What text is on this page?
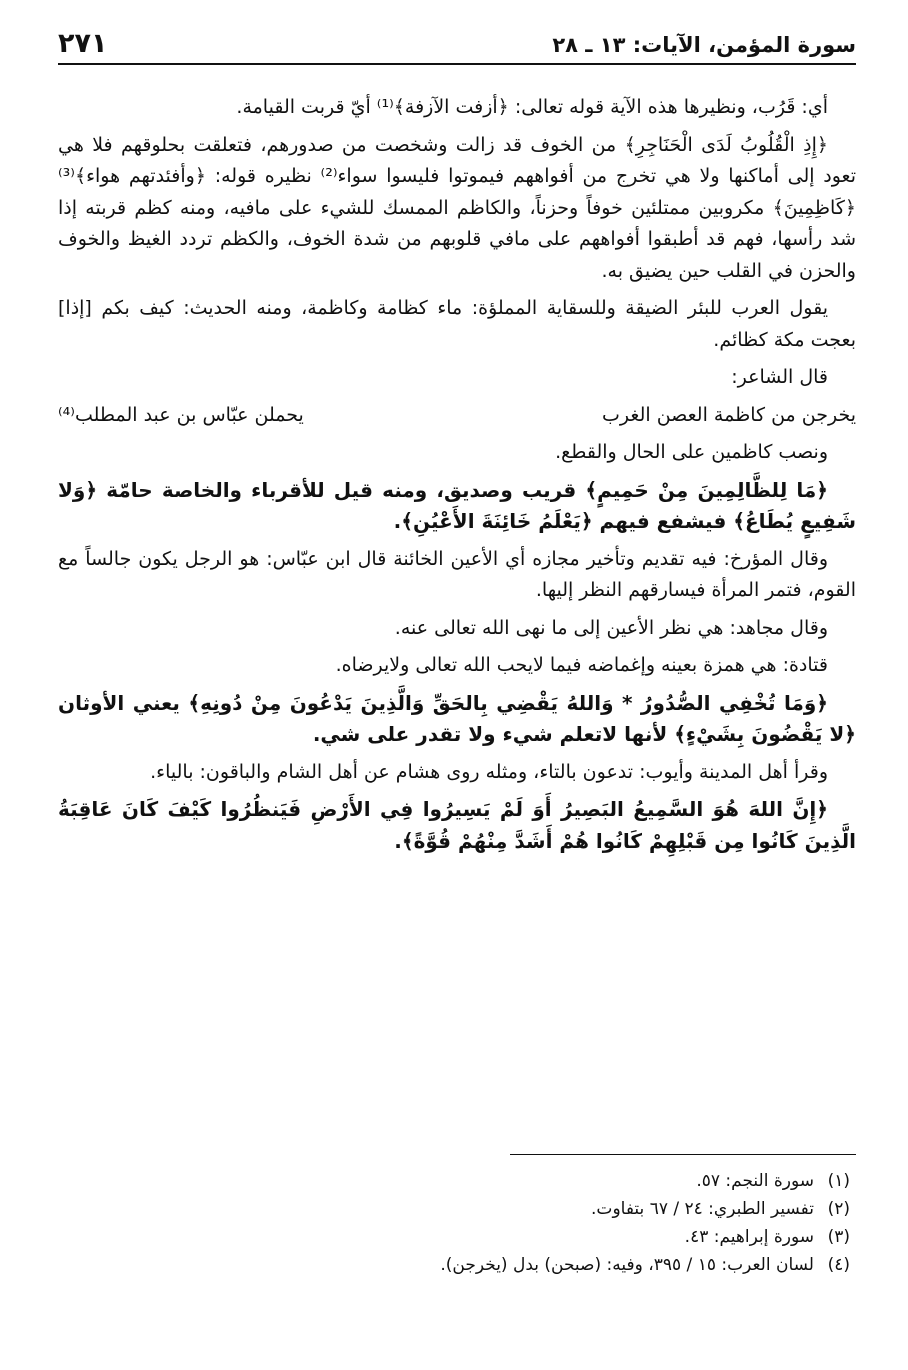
سورة المؤمن، الآيات: ١٣ ـ ٢٨
٢٧١

أي: قَرُب، ونظيرها هذه الآية قوله تعالى: ﴿أزفت الآزفة﴾⁽¹⁾ أيّ قربت القيامة.

﴿إِذِ الْقُلُوبُ لَدَى الْحَنَاجِرِ﴾ من الخوف قد زالت وشخصت من صدورهم، فتعلقت بحلوقهم فلا هي تعود إلى أماكنها ولا هي تخرج من أفواههم فيموتوا فليسوا سواء⁽²⁾ نظيره قوله: ﴿وأفئدتهم هواء﴾⁽³⁾ ﴿كَاظِمِينَ﴾ مكروبين ممتلئين خوفاً وحزناً، والكاظم الممسك للشيء على مافيه، ومنه كظم قربته إذا شد رأسها، فهم قد أطبقوا أفواههم على مافي قلوبهم من شدة الخوف، والكظم تردد الغيظ والخوف والحزن في القلب حين يضيق به.

يقول العرب للبئر الضيقة وللسقاية المملؤة: ماء كظامة وكاظمة، ومنه الحديث: كيف بكم [إذا] بعجت مكة كظائم.

قال الشاعر:

يخرجن من كاظمة العصن الغرب
يحملن عبّاس بن عبد المطلب⁽⁴⁾

ونصب كاظمين على الحال والقطع.

﴿مَا لِلظَّالِمِينَ مِنْ حَمِيمٍ﴾ قريب وصديق، ومنه قيل للأقرباء والخاصة حامّة ﴿وَلا شَفِيعٍ يُطَاعُ﴾ فيشفع فيهم ﴿يَعْلَمُ خَائِنَةَ الأَعْيُنِ﴾.

وقال المؤرخ: فيه تقديم وتأخير مجازه أي الأعين الخائنة قال ابن عبّاس: هو الرجل يكون جالساً مع القوم، فتمر المرأة فيسارقهم النظر إليها.

وقال مجاهد: هي نظر الأعين إلى ما نهى الله تعالى عنه.

قتادة: هي همزة بعينه وإغماضه فيما لايحب الله تعالى ولايرضاه.

﴿وَمَا تُخْفِي الصُّدُورُ * وَاللهُ يَقْضِي بِالحَقِّ وَالَّذِينَ يَدْعُونَ مِنْ دُونِهِ﴾ يعني الأوثان ﴿لا يَقْضُونَ بِشَيْءٍ﴾ لأنها لاتعلم شيء ولا تقدر على شي.

وقرأ أهل المدينة وأيوب: تدعون بالتاء، ومثله روى هشام عن أهل الشام والباقون: بالياء.

﴿إِنَّ اللهَ هُوَ السَّمِيعُ البَصِيرُ أَوَ لَمْ يَسِيرُوا فِي الأَرْضِ فَيَنظُرُوا كَيْفَ كَانَ عَاقِبَةُ الَّذِينَ كَانُوا مِن قَبْلِهِمْ كَانُوا هُمْ أَشَدَّ مِنْهُمْ قُوَّةً﴾.

(١)
سورة النجم: ٥٧.
(٢)
تفسير الطبري: ٢٤ / ٦٧ بتفاوت.
(٣)
سورة إبراهيم: ٤٣.
(٤)
لسان العرب: ١٥ / ٣٩٥، وفيه: (صبحن) بدل (يخرجن).
